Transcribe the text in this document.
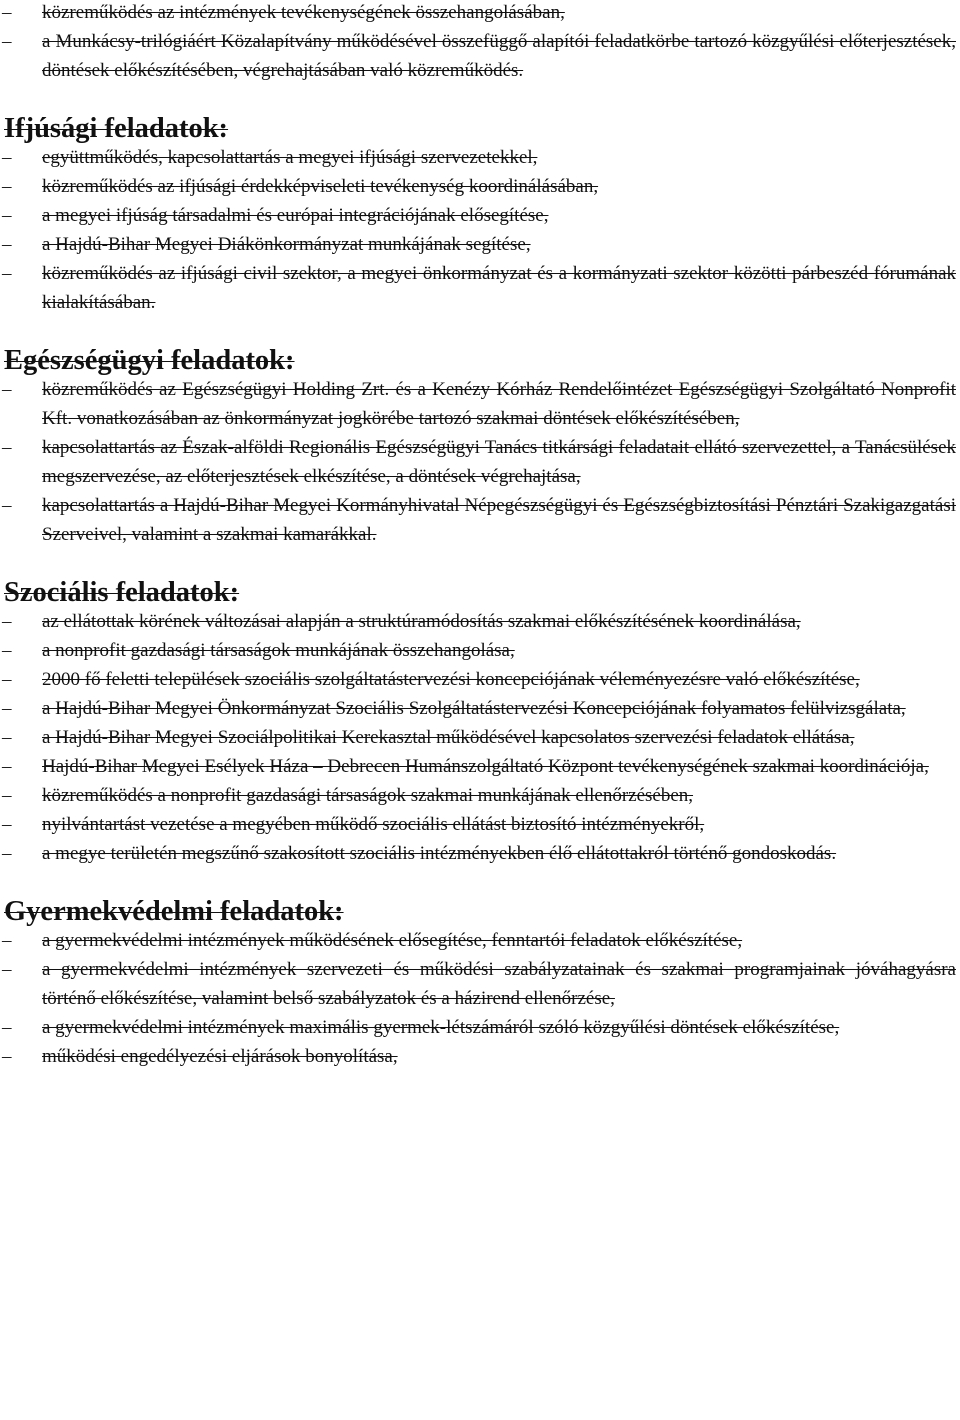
–	közreműködés az intézmények tevékenységének összehangolásában,
–	a Munkácsy-trilógiáért Közalapítvány működésével összefüggő alapítói feladatkörbe tartozó közgyűlési előterjesztések, döntések előkészítésében, végrehajtásában való közreműködés.
Ifjúsági feladatok:
–	együttműködés, kapcsolattartás a megyei ifjúsági szervezetekkel,
–	közreműködés az ifjúsági érdekképviseleti tevékenység koordinálásában,
–	a megyei ifjúság társadalmi és európai integrációjának elősegítése,
–	a Hajdú-Bihar Megyei Diákönkormányzat munkájának segítése,
–	közreműködés az ifjúsági civil szektor, a megyei önkormányzat és a kormányzati szektor közötti párbeszéd fórumának kialakításában.
Egészségügyi feladatok:
–	közreműködés az Egészségügyi Holding Zrt. és a Kenézy Kórház Rendelőintézet Egészségügyi Szolgáltató Nonprofit Kft. vonatkozásában az önkormányzat jogkörébe tartozó szakmai döntések előkészítésében,
–	kapcsolattartás az Észak-alföldi Regionális Egészségügyi Tanács titkársági feladatait ellátó szervezettel, a Tanácsülések megszervezése, az előterjesztések elkészítése, a döntések végrehajtása,
–	kapcsolattartás a Hajdú-Bihar Megyei Kormányhivatal Népegészségügyi és Egészségbiztosítási Pénztári Szakigazgatási Szerveivel, valamint a szakmai kamarákkal.
Szociális feladatok:
–	az ellátottak körének változásai alapján a struktúramódosítás szakmai előkészítésének koordinálása,
–	a nonprofit gazdasági társaságok munkájának összehangolása,
–	2000 fő feletti települések szociális szolgáltatástervezési koncepciójának véleményezésre való előkészítése,
–	a Hajdú-Bihar Megyei Önkormányzat Szociális Szolgáltatástervezési Koncepciójának folyamatos felülvizsgálata,
–	a Hajdú-Bihar Megyei Szociálpolitikai Kerekasztal működésével kapcsolatos szervezési feladatok ellátása,
–	Hajdú-Bihar Megyei Esélyek Háza – Debrecen Humánszolgáltató Központ tevékenységének szakmai koordinációja,
–	közreműködés a nonprofit gazdasági társaságok szakmai munkájának ellenőrzésében,
–	nyilvántartást vezetése a megyében működő szociális ellátást biztosító intézményekről,
–	a megye területén megszűnő szakosított szociális intézményekben élő ellátottakról történő gondoskodás.
Gyermekvédelmi feladatok:
–	a gyermekvédelmi intézmények működésének elősegítése, fenntartói feladatok előkészítése,
–	a gyermekvédelmi intézmények szervezeti és működési szabályzatainak és szakmai programjainak jóváhagyásra történő előkészítése, valamint belső szabályzatok és a házirend ellenőrzése,
–	a gyermekvédelmi intézmények maximális gyermek-létszámáról szóló közgyűlési döntések előkészítése,
–	működési engedélyezési eljárások bonyolítása,
